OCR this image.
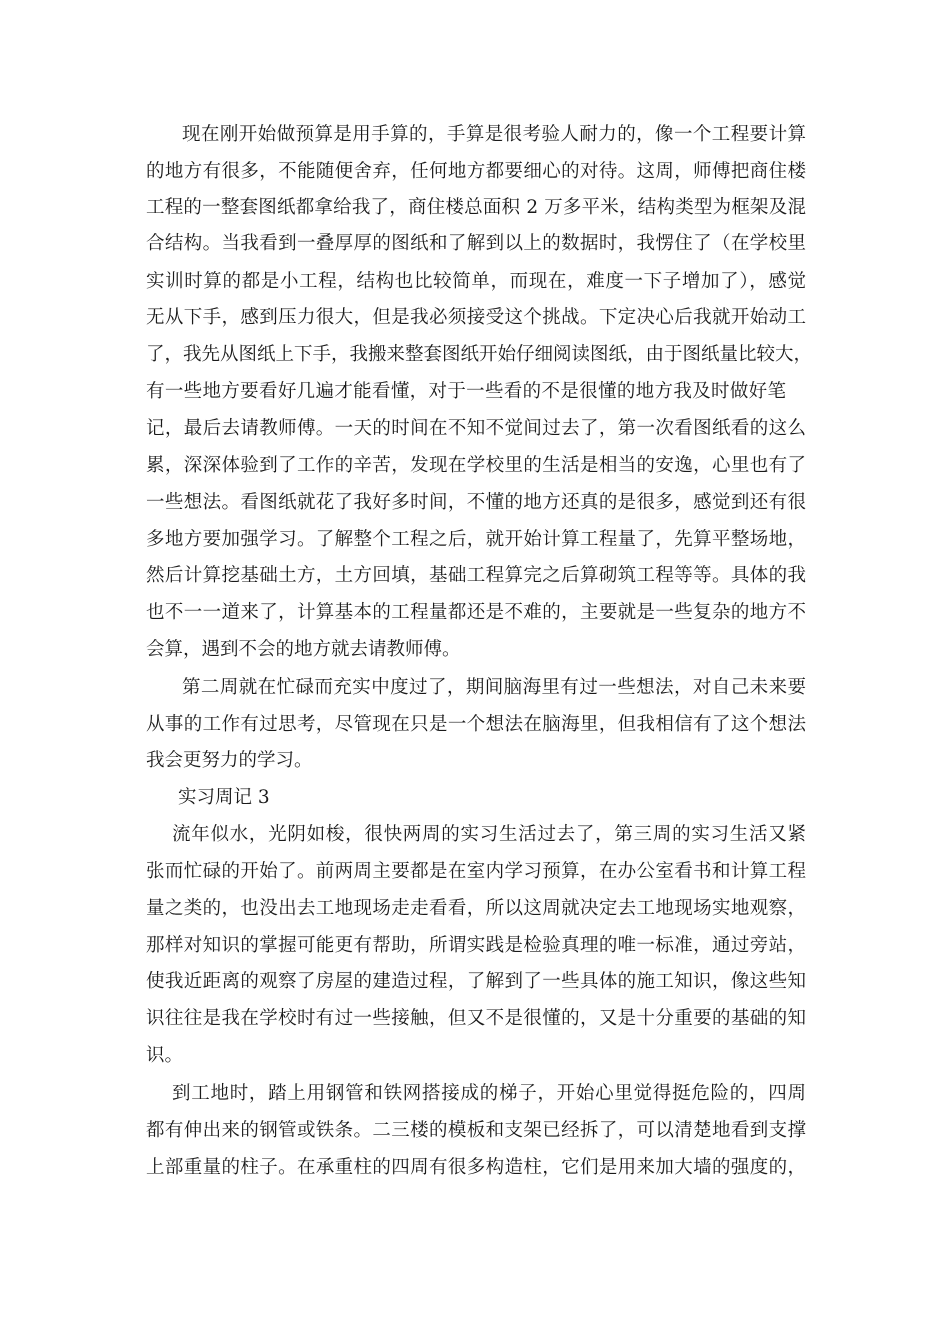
现在刚开始做预算是用手算的，手算是很考验人耐力的，像一个工程要计算
的地方有很多，不能随便舍弃，任何地方都要细心的对待。这周，师傅把商住楼
工程的一整套图纸都拿给我了，商住楼总面积 2 万多平米，结构类型为框架及混
合结构。当我看到一叠厚厚的图纸和了解到以上的数据时，我愣住了（在学校里
实训时算的都是小工程，结构也比较简单，而现在，难度一下子增加了），感觉
无从下手，感到压力很大，但是我必须接受这个挑战。下定决心后我就开始动工
了，我先从图纸上下手，我搬来整套图纸开始仔细阅读图纸，由于图纸量比较大，
有一些地方要看好几遍才能看懂，对于一些看的不是很懂的地方我及时做好笔
记，最后去请教师傅。一天的时间在不知不觉间过去了，第一次看图纸看的这么
累，深深体验到了工作的辛苦，发现在学校里的生活是相当的安逸，心里也有了
一些想法。看图纸就花了我好多时间，不懂的地方还真的是很多，感觉到还有很
多地方要加强学习。了解整个工程之后，就开始计算工程量了，先算平整场地，
然后计算挖基础土方，土方回填，基础工程算完之后算砌筑工程等等。具体的我
也不一一道来了，计算基本的工程量都还是不难的，主要就是一些复杂的地方不
会算，遇到不会的地方就去请教师傅。
第二周就在忙碌而充实中度过了，期间脑海里有过一些想法，对自己未来要
从事的工作有过思考，尽管现在只是一个想法在脑海里，但我相信有了这个想法
我会更努力的学习。
实习周记 3
流年似水，光阴如梭，很快两周的实习生活过去了，第三周的实习生活又紧
张而忙碌的开始了。前两周主要都是在室内学习预算，在办公室看书和计算工程
量之类的，也没出去工地现场走走看看，所以这周就决定去工地现场实地观察，
那样对知识的掌握可能更有帮助，所谓实践是检验真理的唯一标准，通过旁站，
使我近距离的观察了房屋的建造过程，了解到了一些具体的施工知识，像这些知
识往往是我在学校时有过一些接触，但又不是很懂的，又是十分重要的基础的知
识。
到工地时，踏上用钢管和铁网搭接成的梯子，开始心里觉得挺危险的，四周
都有伸出来的钢管或铁条。二三楼的模板和支架已经拆了，可以清楚地看到支撑
上部重量的柱子。在承重柱的四周有很多构造柱，它们是用来加大墙的强度的，
